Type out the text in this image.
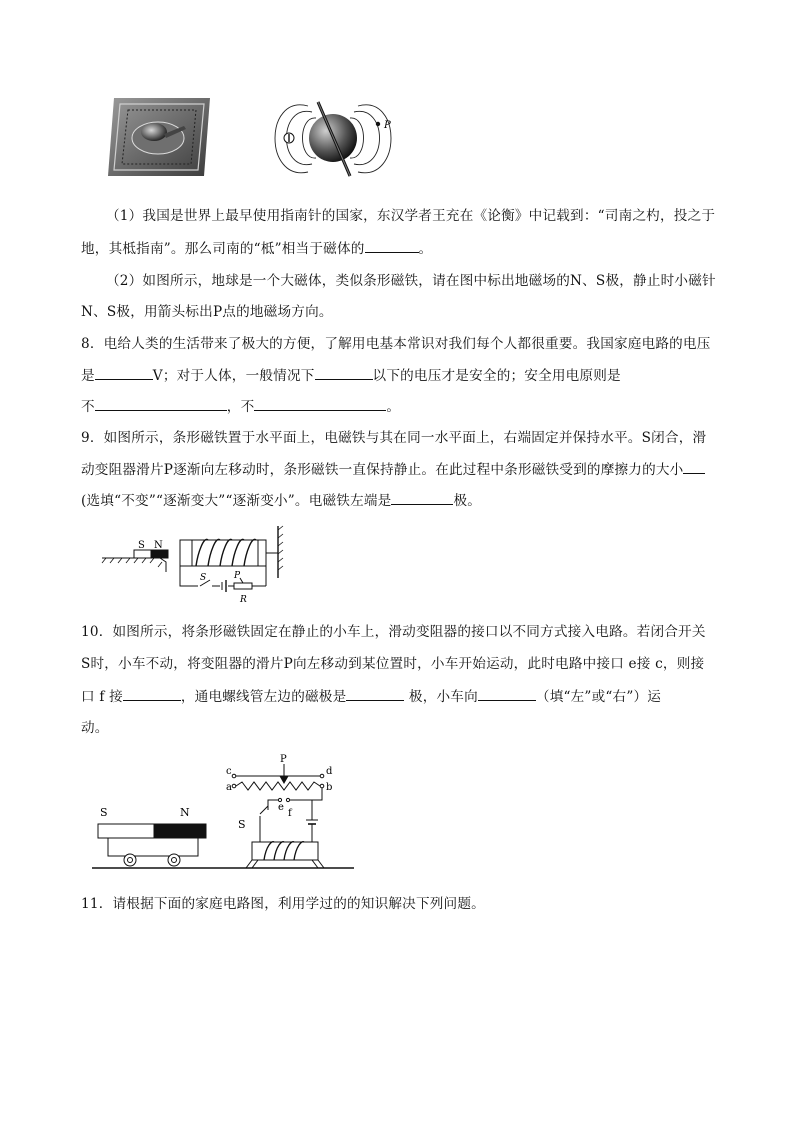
P
（1）我国是世界上最早使用指南针的国家，东汉学者王充在《论衡》中记载到：“司南之杓，投之于
地，其柢指南”。那么司南的“柢”相当于磁体的	。
（2）如图所示，地球是一个大磁体，类似条形磁铁，请在图中标出地磁场的N、S极，静止时小磁针
N、S极，用箭头标出P点的地磁场方向。
8．电给人类的生活带来了极大的方便，了解用电基本常识对我们每个人都很重要。我国家庭电路的电压
是	V；对于人体，一般情况下	以下的电压才是安全的；安全用电原则是
不	，不	。
9．如图所示，条形磁铁置于水平面上，电磁铁与其在同一水平面上，右端固定并保持水平。S闭合，滑
动变阻器滑片P逐渐向左移动时，条形磁铁一直保持静止。在此过程中条形磁铁受到的摩擦力的大小
(选填“不变”“逐渐变大”“逐渐变小”。电磁铁左端是	极。
S N
S	P
R
10．如图所示，将条形磁铁固定在静止的小车上，滑动变阻器的接口以不同方式接入电路。若闭合开关
S时，小车不动，将变阻器的滑片P向左移动到某位置时，小车开始运动，此时电路中接口 e接 c，则接
口 f 接	，通电螺线管左边的磁极是	极，小车向	（填“左”或“右”）运
动。
S	N
P
c	d
a	b
e
f
S
11．请根据下面的家庭电路图，利用学过的的知识解决下列问题。
